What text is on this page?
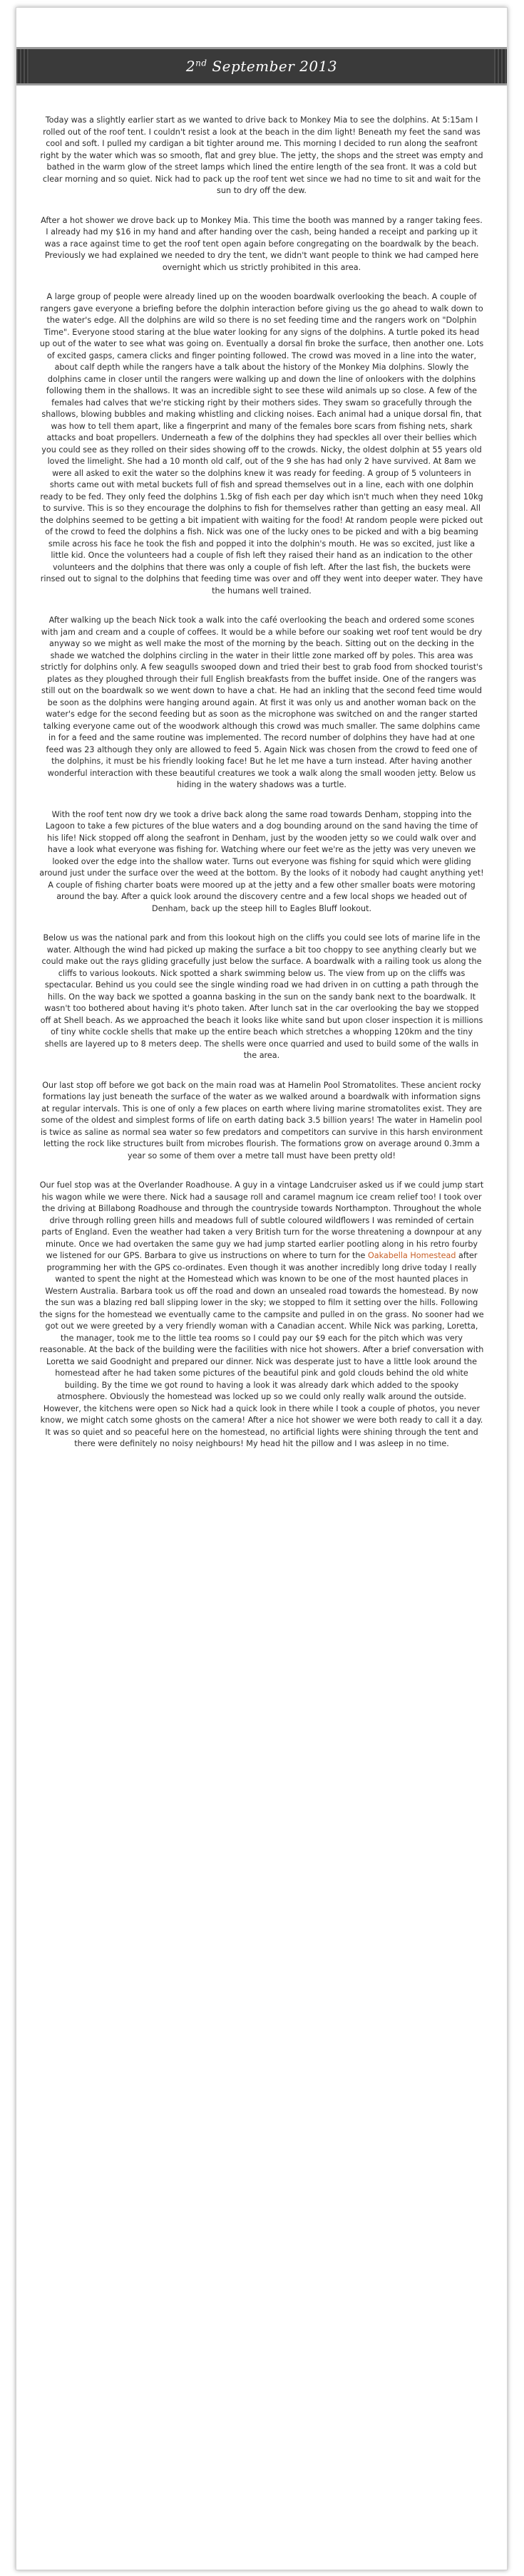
2nd September 2013

Today was a slightly earlier start as we wanted to drive back to Monkey Mia to see the dolphins. At 5:15am I rolled out of the roof tent. I couldn't resist a look at the beach in the dim light! Beneath my feet the sand was cool and soft. I pulled my cardigan a bit tighter around me. This morning I decided to run along the seafront right by the water which was so smooth, flat and grey blue. The jetty, the shops and the street was empty and bathed in the warm glow of the street lamps which lined the entire length of the sea front. It was a cold but clear morning and so quiet. Nick had to pack up the roof tent wet since we had no time to sit and wait for the sun to dry off the dew.

After a hot shower we drove back up to Monkey Mia. This time the booth was manned by a ranger taking fees. I already had my $16 in my hand and after handing over the cash, being handed a receipt and parking up it was a race against time to get the roof tent open again before congregating on the boardwalk by the beach. Previously we had explained we needed to dry the tent, we didn't want people to think we had camped here overnight which us strictly prohibited in this area.

A large group of people were already lined up on the wooden boardwalk overlooking the beach. A couple of rangers gave everyone a briefing before the dolphin interaction before giving us the go ahead to walk down to the water's edge. All the dolphins are wild so there is no set feeding time and the rangers work on "Dolphin Time". Everyone stood staring at the blue water looking for any signs of the dolphins. A turtle poked its head up out of the water to see what was going on. Eventually a dorsal fin broke the surface, then another one. Lots of excited gasps, camera clicks and finger pointing followed. The crowd was moved in a line into the water, about calf depth while the rangers have a talk about the history of the Monkey Mia dolphins. Slowly the dolphins came in closer until the rangers were walking up and down the line of onlookers with the dolphins following them in the shallows. It was an incredible sight to see these wild animals up so close. A few of the females had calves that we're sticking right by their mothers sides. They swam so gracefully through the shallows, blowing bubbles and making whistling and clicking noises. Each animal had a unique dorsal fin, that was how to tell them apart, like a fingerprint and many of the females bore scars from fishing nets, shark attacks and boat propellers. Underneath a few of the dolphins they had speckles all over their bellies which you could see as they rolled on their sides showing off to the crowds. Nicky, the oldest dolphin at 55 years old loved the limelight. She had a 10 month old calf, out of the 9 she has had only 2 have survived. At 8am we were all asked to exit the water so the dolphins knew it was ready for feeding. A group of 5 volunteers in shorts came out with metal buckets full of fish and spread themselves out in a line, each with one dolphin ready to be fed. They only feed the dolphins 1.5kg of fish each per day which isn't much when they need 10kg to survive. This is so they encourage the dolphins to fish for themselves rather than getting an easy meal. All the dolphins seemed to be getting a bit impatient with waiting for the food! At random people were picked out of the crowd to feed the dolphins a fish. Nick was one of the lucky ones to be picked and with a big beaming smile across his face he took the fish and popped it into the dolphin's mouth. He was so excited, just like a little kid. Once the volunteers had a couple of fish left they raised their hand as an indication to the other volunteers and the dolphins that there was only a couple of fish left. After the last fish, the buckets were rinsed out to signal to the dolphins that feeding time was over and off they went into deeper water. They have the humans well trained.

After walking up the beach Nick took a walk into the café overlooking the beach and ordered some scones with jam and cream and a couple of coffees. It would be a while before our soaking wet roof tent would be dry anyway so we might as well make the most of the morning by the beach. Sitting out on the decking in the shade we watched the dolphins circling in the water in their little zone marked off by poles. This area was strictly for dolphins only. A few seagulls swooped down and tried their best to grab food from shocked tourist's plates as they ploughed through their full English breakfasts from the buffet inside. One of the rangers was still out on the boardwalk so we went down to have a chat. He had an inkling that the second feed time would be soon as the dolphins were hanging around again. At first it was only us and another woman back on the water's edge for the second feeding but as soon as the microphone was switched on and the ranger started talking everyone came out of the woodwork although this crowd was much smaller. The same dolphins came in for a feed and the same routine was implemented. The record number of dolphins they have had at one feed was 23 although they only are allowed to feed 5. Again Nick was chosen from the crowd to feed one of the dolphins, it must be his friendly looking face! But he let me have a turn instead. After having another wonderful interaction with these beautiful creatures we took a walk along the small wooden jetty. Below us hiding in the watery shadows was a turtle.

With the roof tent now dry we took a drive back along the same road towards Denham, stopping into the Lagoon to take a few pictures of the blue waters and a dog bounding around on the sand having the time of his life! Nick stopped off along the seafront in Denham, just by the wooden jetty so we could walk over and have a look what everyone was fishing for. Watching where our feet we're as the jetty was very uneven we looked over the edge into the shallow water. Turns out everyone was fishing for squid which were gliding around just under the surface over the weed at the bottom. By the looks of it nobody had caught anything yet! A couple of fishing charter boats were moored up at the jetty and a few other smaller boats were motoring around the bay. After a quick look around the discovery centre and a few local shops we headed out of Denham, back up the steep hill to Eagles Bluff lookout.

Below us was the national park and from this lookout high on the cliffs you could see lots of marine life in the water. Although the wind had picked up making the surface a bit too choppy to see anything clearly but we could make out the rays gliding gracefully just below the surface. A boardwalk with a railing took us along the cliffs to various lookouts. Nick spotted a shark swimming below us. The view from up on the cliffs was spectacular. Behind us you could see the single winding road we had driven in on cutting a path through the hills. On the way back we spotted a goanna basking in the sun on the sandy bank next to the boardwalk. It wasn't too bothered about having it's photo taken. After lunch sat in the car overlooking the bay we stopped off at Shell beach. As we approached the beach it looks like white sand but upon closer inspection it is millions of tiny white cockle shells that make up the entire beach which stretches a whopping 120km and the tiny shells are layered up to 8 meters deep. The shells were once quarried and used to build some of the walls in the area.

Our last stop off before we got back on the main road was at Hamelin Pool Stromatolites. These ancient rocky formations lay just beneath the surface of the water as we walked around a boardwalk with information signs at regular intervals. This is one of only a few places on earth where living marine stromatolites exist. They are some of the oldest and simplest forms of life on earth dating back 3.5 billion years! The water in Hamelin pool is twice as saline as normal sea water so few predators and competitors can survive in this harsh environment letting the rock like structures built from microbes flourish. The formations grow on average around 0.3mm a year so some of them over a metre tall must have been pretty old!

Our fuel stop was at the Overlander Roadhouse. A guy in a vintage Landcruiser asked us if we could jump start his wagon while we were there. Nick had a sausage roll and caramel magnum ice cream relief too! I took over the driving at Billabong Roadhouse and through the countryside towards Northampton. Throughout the whole drive through rolling green hills and meadows full of subtle coloured wildflowers I was reminded of certain parts of England. Even the weather had taken a very British turn for the worse threatening a downpour at any minute. Once we had overtaken the same guy we had jump started earlier pootling along in his retro fourby we listened for our GPS. Barbara to give us instructions on where to turn for the Oakabella Homestead after programming her with the GPS co-ordinates. Even though it was another incredibly long drive today I really wanted to spent the night at the Homestead which was known to be one of the most haunted places in Western Australia. Barbara took us off the road and down an unsealed road towards the homestead. By now the sun was a blazing red ball slipping lower in the sky; we stopped to film it setting over the hills. Following the signs for the homestead we eventually came to the campsite and pulled in on the grass. No sooner had we got out we were greeted by a very friendly woman with a Canadian accent. While Nick was parking, Loretta, the manager, took me to the little tea rooms so I could pay our $9 each for the pitch which was very reasonable. At the back of the building were the facilities with nice hot showers. After a brief conversation with Loretta we said Goodnight and prepared our dinner. Nick was desperate just to have a little look around the homestead after he had taken some pictures of the beautiful pink and gold clouds behind the old white building. By the time we got round to having a look it was already dark which added to the spooky atmosphere. Obviously the homestead was locked up so we could only really walk around the outside. However, the kitchens were open so Nick had a quick look in there while I took a couple of photos, you never know, we might catch some ghosts on the camera! After a nice hot shower we were both ready to call it a day. It was so quiet and so peaceful here on the homestead, no artificial lights were shining through the tent and there were definitely no noisy neighbours! My head hit the pillow and I was asleep in no time.
